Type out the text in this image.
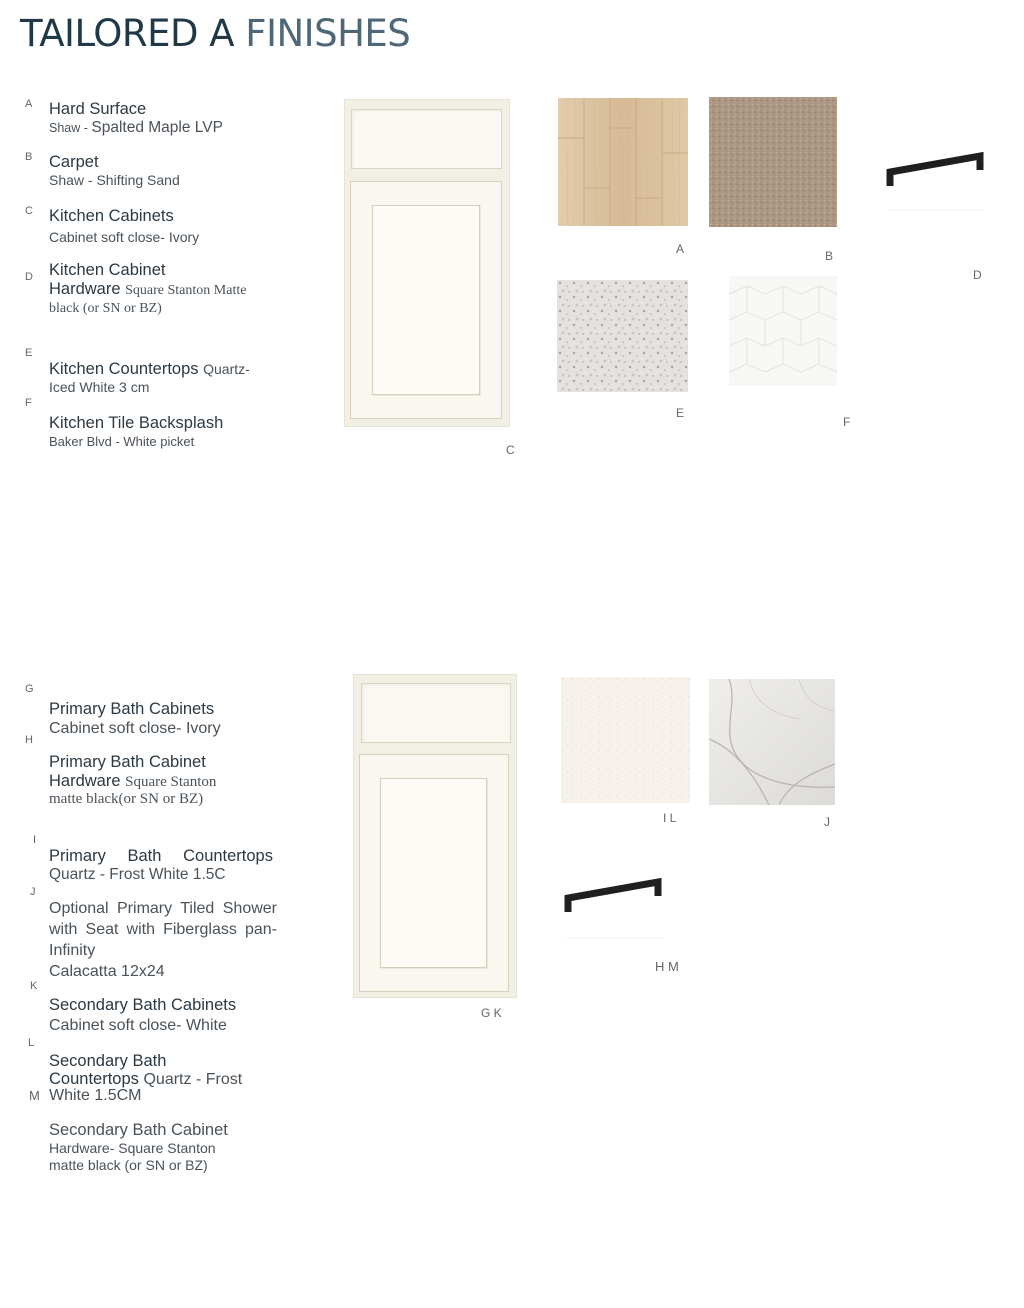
TAILORED A FINISHES
A Hard Surface
Shaw - Spalted Maple LVP
B Carpet
Shaw - Shifting Sand
C Kitchen Cabinets
Cabinet soft close- Ivory
D Kitchen Cabinet
Hardware Square Stanton Matte
black (or SN or BZ)
E
Kitchen Countertops Quartz-
Iced White 3 cm
F
Kitchen Tile Backsplash
Baker Blvd - White picket
C
A	B
D
E
F
G
Primary Bath Cabinets
Cabinet soft close- Ivory
H
Primary Bath Cabinet
Hardware Square Stanton
matte black(or SN or BZ)
I
Primary Bath Countertops
Quartz - Frost White 1.5C
J
Optional Primary Tiled Shower with Seat with Fiberglass pan- Infinity
Calacatta 12x24
K
Secondary Bath Cabinets
Cabinet soft close- White
L
Secondary Bath
Countertops Quartz - Frost
White 1.5CM
M
Secondary Bath Cabinet
Hardware- Square Stanton
matte black (or SN or BZ)
G K
I L	J
H M
